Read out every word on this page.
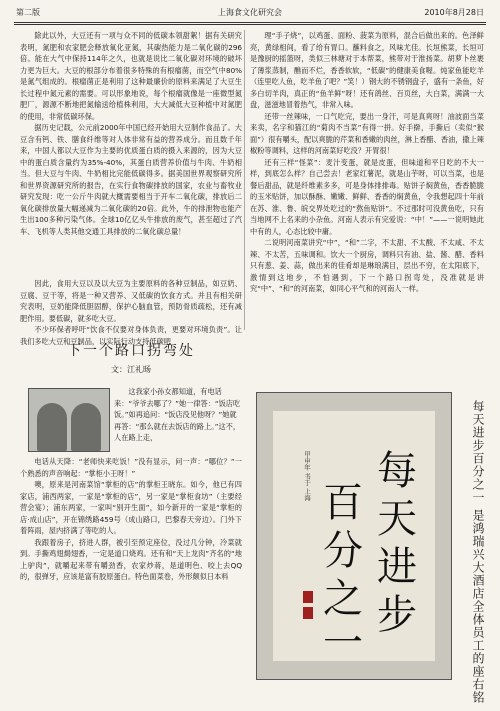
第二版	上海食文化研究会	2010年8月28日

除此以外，大豆还有一项与众不同的低碳本领甜絮！据有关研究表明，氮肥和农家肥会释放氧化亚氮，其碳热能力是二氧化碳的296倍。能在大气中保持114年之久，也就是说比二氧化碳对环境的破坏力更为巨大。大豆的根部分布着很多特殊的有根瘤菌，而空气中80%是氮气组成的。根瘤菌正是利用了这种最廉价的原料来满足了大豆生长过程中氮元素的需要。可以形象地说，每个根瘤就像是一座微型氮肥厂，源源不断地把氮输送给植株利用，大大减低大豆种植中对氮肥的使用，非常低碳环保。

据历史记载，公元前2000年中国已经开始用大豆制作食品了。大豆含有钙、铁、膳食纤维等对人体非常有益的营养成分。而且数千年来，中国人都以大豆作为主要的优质蛋白质的摄入来源的，因为大豆中的蛋白质含量约为35%-40%，其蛋白质营养价值与牛肉、牛奶相当。但大豆与牛肉、牛奶相比完能低碳得多。据美国世界观察研究所和世界资源研究所的报告，在实行食物碳排放的国家，农业与畜牧业研究发现：吃一公斤牛肉就大概需要相当于开车二氧化碳，排放后二氧化碳排放量大幅递减为二氧化碳的20倍。此外，牛的排泄物也能产生出100多种污染气体。全球10亿亿头牛排放的废气，甚至超过了汽车、飞机等人类其他交通工具排放的二氧化碳总量！

因此，食用大豆以及以大豆为主要原料的各种豆制品，如豆奶、豆腐、豆干等，将是一种又营养、又低碳的饮食方式。并且有相关研究表明，豆奶能降低胆固醇，保护心脑血管，预防骨质疏松，还有减肥作用。要低碳，就多吃大豆。

不少环保者呼吁“饮食不仅要对身体负责，更要对环境负责”。让我们多吃大豆和豆制品，以实际行动支持低碳吧

下一个路口拐弯处
文：江礼旸

这我家小孙女都知道，有电话来：“爷爷去哪了？”她一律答：“饭店吃饭。”如再追问：“饭店没见他呀？”她就再答：“那么就在去饭店的路上。”这不，人在路上走，

电话从天降：“老师快来吃饭！”没有显示，问一声：“哪位？”一个熟悉的声音响起：“掌柜小王呀！”

噢，原来是河南菜馆“掌柜的店”的掌柜王晓东。如今，他已有四家店，浦西两家，一家是“掌柜的店”，另一家是“掌柜食坊”（主要经营会宴）；浦东两家，一家叫“别开生面”，如今新开的一家是“掌柜的店·成山店”，开在锦绣路459号（成山路口，巴黎春天旁边）。门外下着阵雨，屋内挤满了等吃的人。

我跟着房子，挤进人群，被引至预定座位，没过几分钟，冷菜就到。手撕鸡翅焗翅香，一定是道口烧鸡。还有和“天上龙肉”齐名的“地上驴肉”，就嚼起来带有嚼劲香，农家炒蒋，是道明色、咬上去QQ的，很弹牙，应该是富有胶原蛋白。特色面菜卷，外形颇似日本料

理“手子烧”，以鸡蛋、面粉、菠菜为原料，混合后做出来的。色泽鲜亮，黄绿相间，看了给有胃口。蘸料食之，风味尤佳。长垣熊菜，长垣可是豫厨的摇篮呀，类似三林塘对于本帮菜，熊带对于淮扬菜。胡萝卜丝裹了薄浆蒸制，醮而不烂，香香软软，“低碳”的健康美食喔。炖家鱼能吃羊（连里吃人鱼，吃羊鱼了吧？”笑！）钢大的不锈钢盘子，盛有一条鱼，好多白切羊肉，真正的“鱼羊鲜”呀！还有鸽丝、百页丝，大白菜，满满一大盘，滋滋地冒着热气，非常入味。

还带一丝辣味，一口气吃完，要出一身汗，可是真爽呀！油波面当菜来卖，名字和猫江的“菊肉不当菜”有得一拼。好手擀，手撕后（卖似“猴面”）很有嚼头，配以爽脆的芹菜和香嫩的肉丝，淋上香醋、香油，撒上辣椒粉等调料，这样的河南菜好吃没？开胃很！

还有三样“怪菜”：麦汁变蛋，就是皮蛋，但味道和平日吃的不大一样，到底怎么样？自己尝去！老家红薯泥，就是山芋呀，可以当菜，也是餐后甜品，就是纤维素多多，可是身体排排毒。贴饼子焖黄鱼，香香脆脆的玉米贴饼，加以酥酥、嫩嫩、鲜鲜、香香的焖黄鱼，令我想起四十年前在苏、淮、鲁、皖交界处吃过的“熬鱼贴饼”。不过那时可没黄鱼吃，只有当地网不上名来的小杂鱼。河南人表示有完爱说：“中！”——一说明她此中有的人，心态比较中庸。

二说明河南菜讲究“中”，“和”二字，不太甜、不太酸、不太咸、不太辣、不太苦，五味调和。饮大一个厨房，调料只有油、盐、酱、醋、香料只有葱、姜、蒜，做出来的佳肴却是琳琅满目，层出不穷，在太阳底下，激情到这地步，不怕遇到，下一个路口拐弯处，没准就是讲究“中”、“和”的河南菜，如同心平气和的河南人一样。

每
天
进
步
百
分
之
一
甲申年 书于 上海	每天进步百分之一 是鸿瑞兴大酒店全体员工的座右铭
